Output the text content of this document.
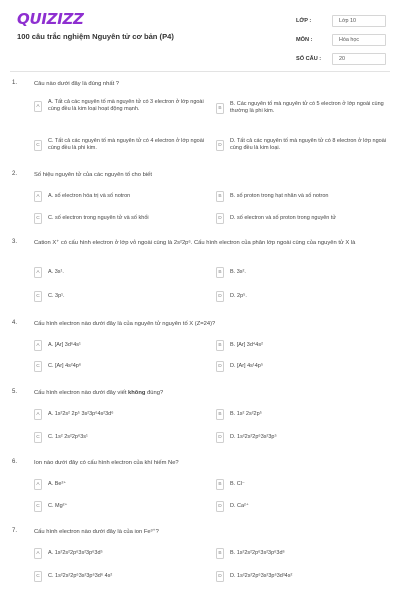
QUIZIZZ
100 câu trắc nghiệm Nguyên tử cơ bản (P4)
LỚP :	Lớp 10
MÔN :	Hóa học
SỐ CÂU :	20
1.	Câu nào dưới đây là đúng nhất ?
A
A. Tất cả các nguyên tố mà nguyên tử có 3 electron ở lớp ngoài cùng đều là kim loại hoạt động mạnh.	B
B. Các nguyên tố mà nguyên tử có 5 electron ở lớp ngoài cùng thường là phi kim.
C
C. Tất cả các nguyên tố mà nguyên tử có 4 electron ở lớp ngoài cùng đều là phi kim.	D
D. Tất cả các nguyên tố mà nguyên tử có 8 electron ở lớp ngoài cùng đều là kim loại.
2.	Số hiệu nguyên tử của các nguyên tố cho biết
A	A. số electron hóa trị và số notron	B	B. số proton trong hạt nhân và số notron
C	C. số electron trong nguyên tử và số khối	D	D. số electron và số proton trong nguyên tử
3.	Cation X⁺ có cấu hình electron ở lớp vỏ ngoài cùng là 2s²2p⁶. Cấu hình electron của phân lớp ngoài cùng của nguyên tử X là
A	A. 3s¹.	B	B. 3s².
C	C. 3p¹.	D	D. 2p⁵.
4.	Cấu hình electron nào dưới đây là của nguyên tử nguyên tố X (Z=24)?
A	A. [Ar] 3d⁶4s¹	B	B. [Ar] 3d⁴4s²
C	C. [Ar] 4s²4p⁶	D	D. [Ar] 4s¹4p⁵
5.	Cấu hình electron nào dưới đây viết không đúng?
A	A. 1s²2s² 2p⁵ 3s²3p⁶4s²3d⁶	B	B. 1s² 2s²2p⁵
C	C. 1s² 2s²2p⁶3s¹	D	D. 1s²2s²2p⁶3s²3p⁵
6.	Ion nào dưới đây có cấu hình electron của khí hiếm Ne?
A	A. Be²⁺	B	B. Cl⁻
C	C. Mg²⁺	D	D. Ca²⁺
7.	Cấu hình electron nào dưới đây là của ion Fe³⁺?
A	A. 1s²2s²2p⁶3s²3p⁶3d⁵	B	B. 1s²2s²2p⁶3s²3p⁶3d⁶
C	C. 1s²2s²2p⁶3s²3p⁶3d⁶ 4s²	D	D. 1s²2s²2p⁶3s²3p⁶3d³4s²
